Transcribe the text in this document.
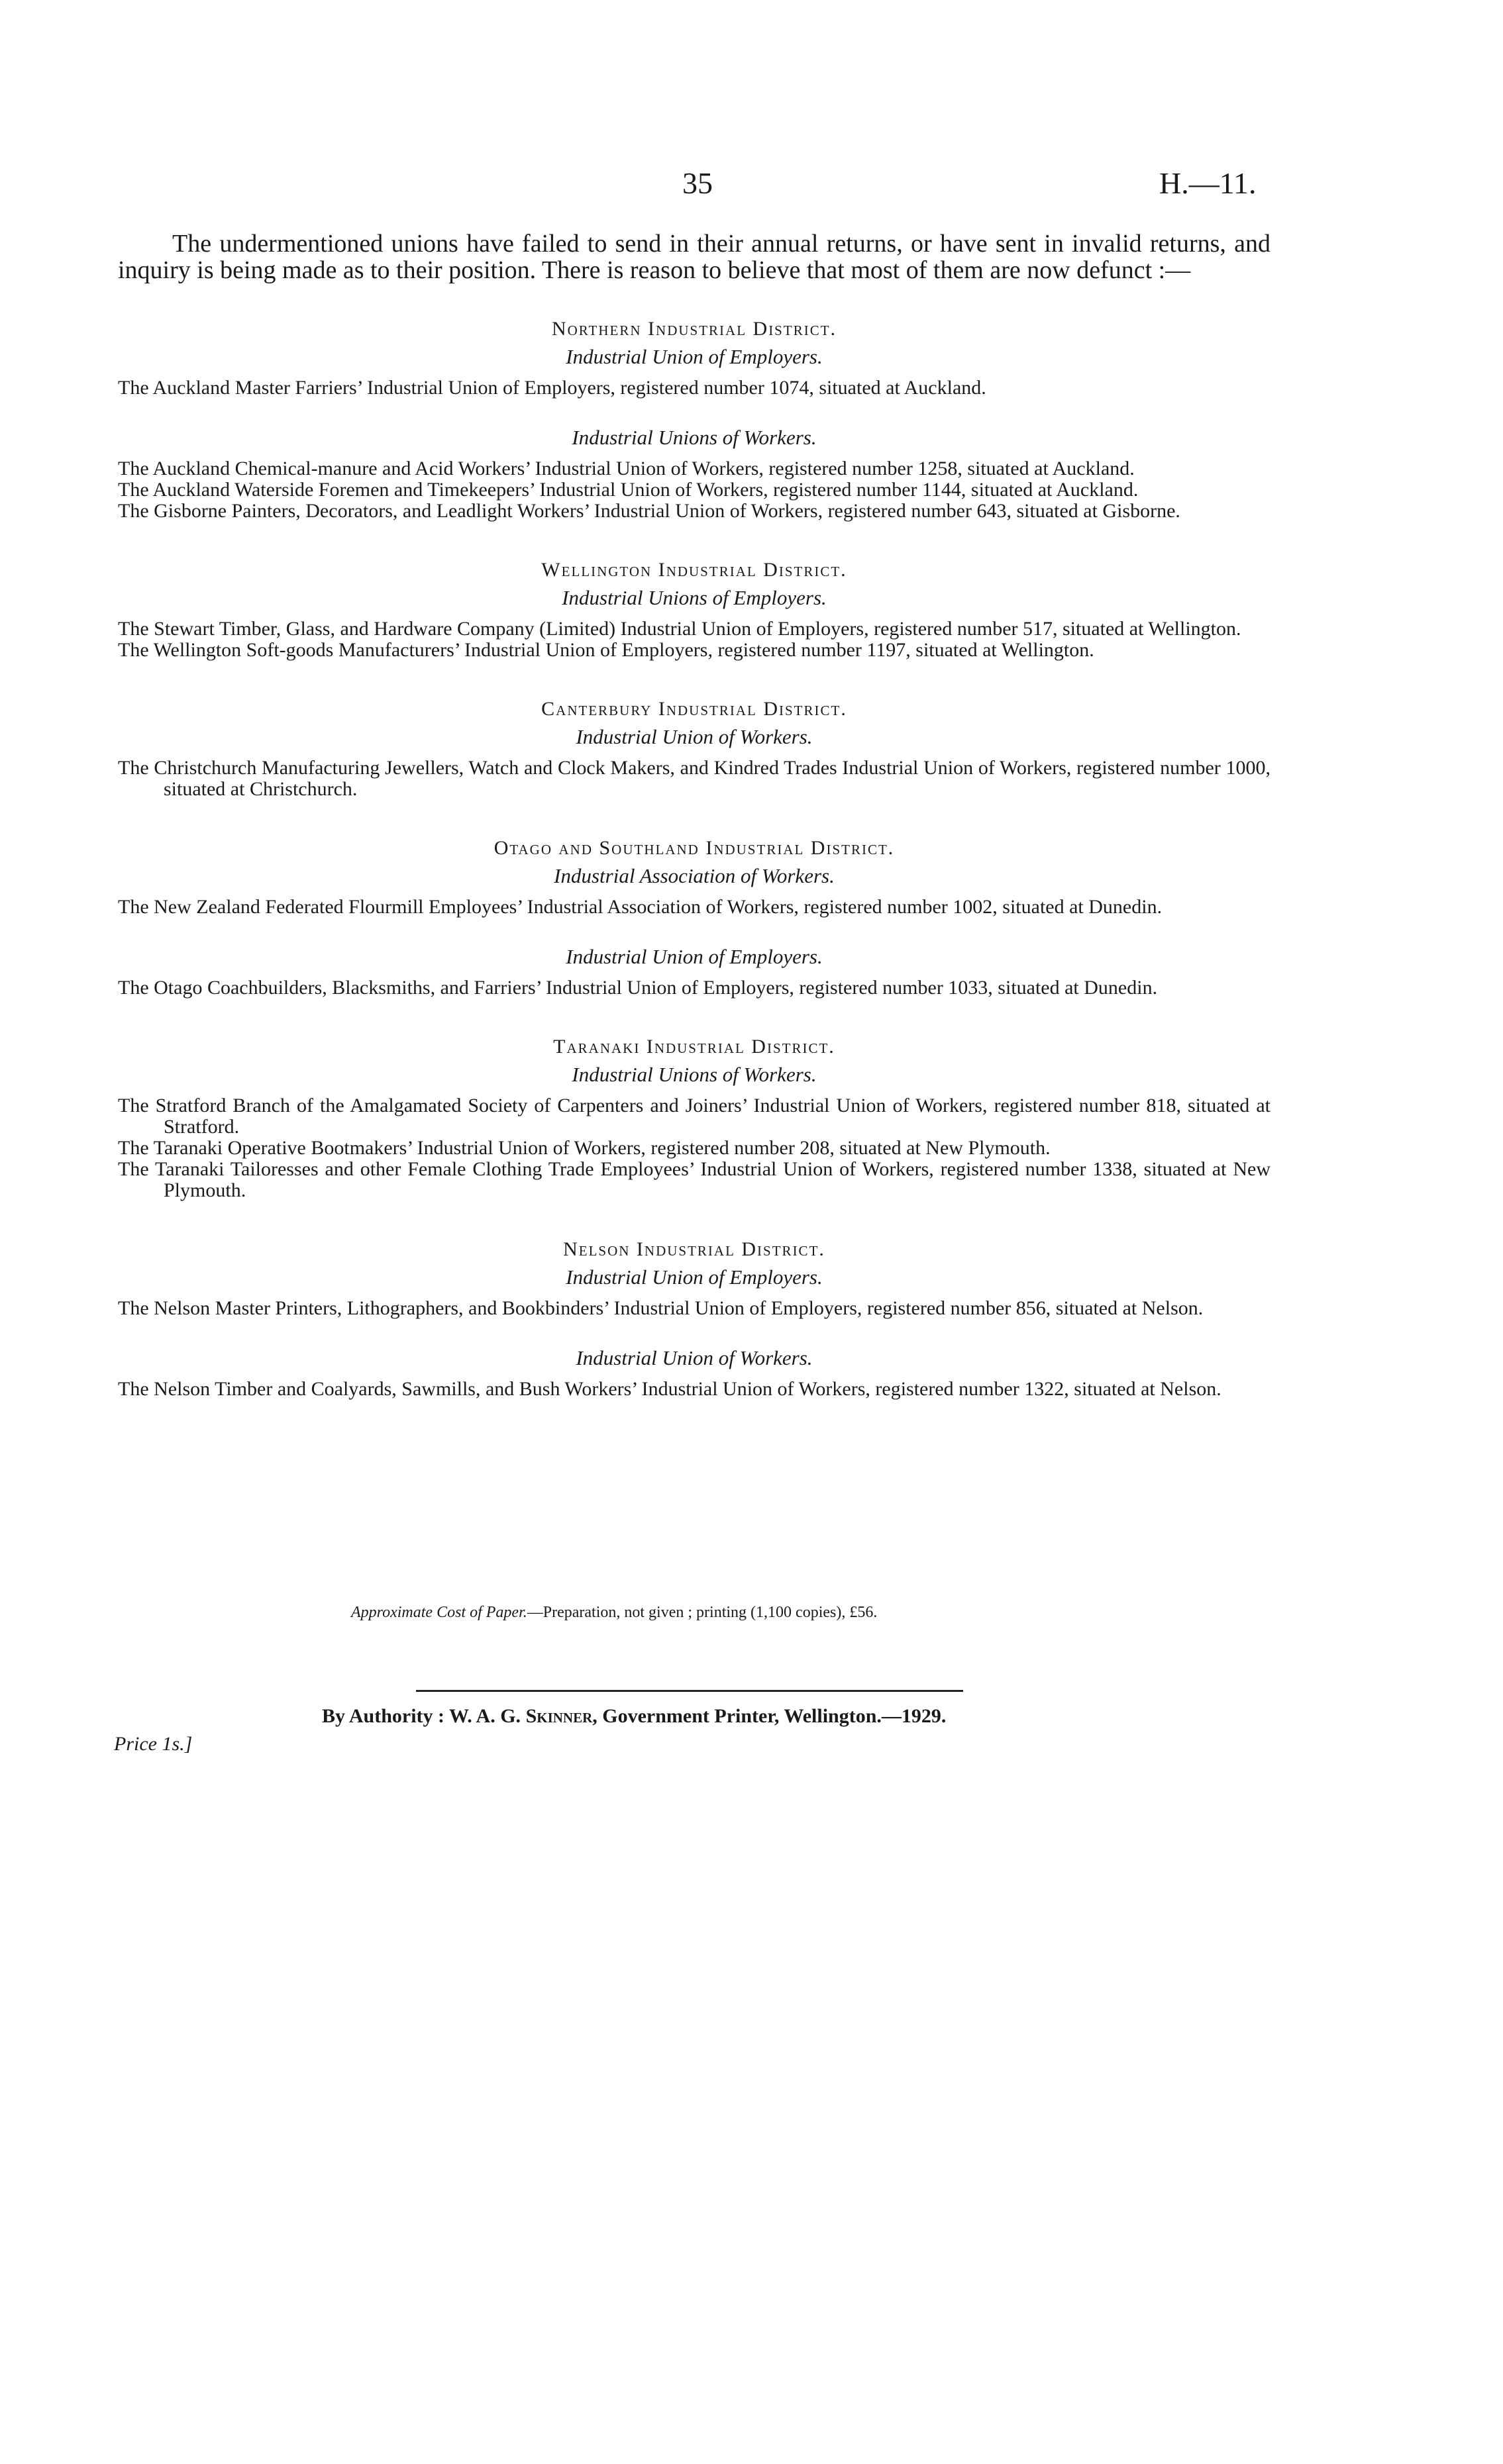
35	H.—11.

The undermentioned unions have failed to send in their annual returns, or have sent in invalid returns, and inquiry is being made as to their position. There is reason to believe that most of them are now defunct :—

Northern Industrial District.

Industrial Union of Employers.

The Auckland Master Farriers’ Industrial Union of Employers, registered number 1074, situated at Auckland.

Industrial Unions of Workers.

The Auckland Chemical-manure and Acid Workers’ Industrial Union of Workers, registered number 1258, situated at Auckland.

The Auckland Waterside Foremen and Timekeepers’ Industrial Union of Workers, registered number 1144, situated at Auckland.

The Gisborne Painters, Decorators, and Leadlight Workers’ Industrial Union of Workers, registered number 643, situated at Gisborne.

Wellington Industrial District.

Industrial Unions of Employers.

The Stewart Timber, Glass, and Hardware Company (Limited) Industrial Union of Employers, registered number 517, situated at Wellington.

The Wellington Soft-goods Manufacturers’ Industrial Union of Employers, registered number 1197, situated at Wellington.

Canterbury Industrial District.

Industrial Union of Workers.

The Christchurch Manufacturing Jewellers, Watch and Clock Makers, and Kindred Trades Industrial Union of Workers, registered number 1000, situated at Christchurch.

Otago and Southland Industrial District.

Industrial Association of Workers.

The New Zealand Federated Flourmill Employees’ Industrial Association of Workers, registered number 1002, situated at Dunedin.

Industrial Union of Employers.

The Otago Coachbuilders, Blacksmiths, and Farriers’ Industrial Union of Employers, registered number 1033, situated at Dunedin.

Taranaki Industrial District.

Industrial Unions of Workers.

The Stratford Branch of the Amalgamated Society of Carpenters and Joiners’ Industrial Union of Workers, registered number 818, situated at Stratford.

The Taranaki Operative Bootmakers’ Industrial Union of Workers, registered number 208, situated at New Plymouth.

The Taranaki Tailoresses and other Female Clothing Trade Employees’ Industrial Union of Workers, registered number 1338, situated at New Plymouth.

Nelson Industrial District.

Industrial Union of Employers.

The Nelson Master Printers, Lithographers, and Bookbinders’ Industrial Union of Employers, registered number 856, situated at Nelson.

Industrial Union of Workers.

The Nelson Timber and Coalyards, Sawmills, and Bush Workers’ Industrial Union of Workers, registered number 1322, situated at Nelson.

Approximate Cost of Paper.—Preparation, not given ; printing (1,100 copies), £56.

By Authority : W. A. G. Skinner, Government Printer, Wellington.—1929.

Price 1s.]
